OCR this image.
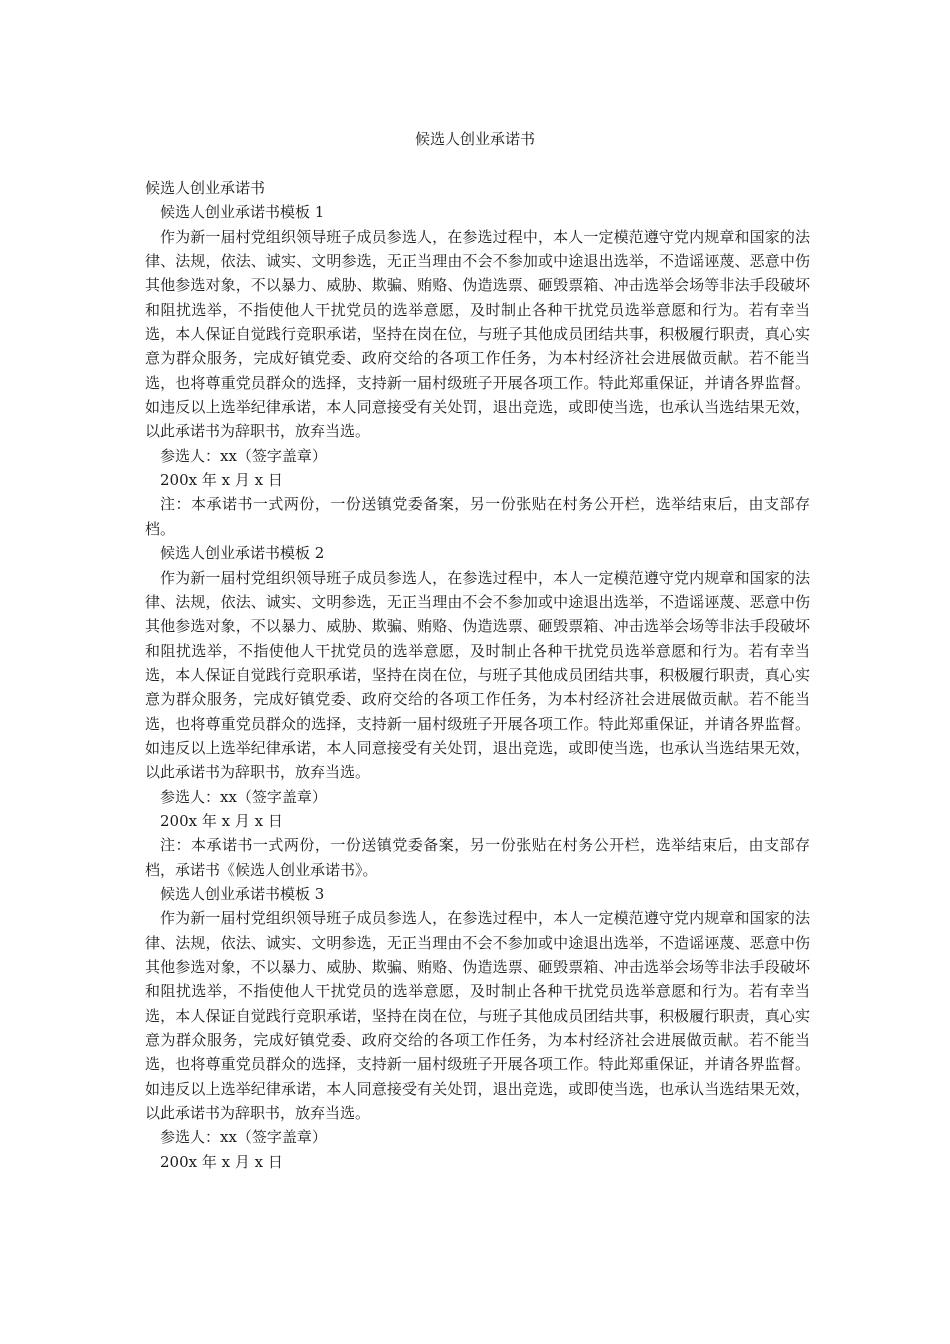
候选人创业承诺书

候选人创业承诺书

候选人创业承诺书模板 1

作为新一届村党组织领导班子成员参选人，在参选过程中，本人一定模范遵守党内规章和国家的法律、法规，依法、诚实、文明参选，无正当理由不会不参加或中途退出选举，不造谣诬蔑、恶意中伤其他参选对象，不以暴力、威胁、欺骗、贿赂、伪造选票、砸毁票箱、冲击选举会场等非法手段破坏和阻扰选举，不指使他人干扰党员的选举意愿，及时制止各种干扰党员选举意愿和行为。若有幸当选，本人保证自觉践行竞职承诺，坚持在岗在位，与班子其他成员团结共事，积极履行职责，真心实意为群众服务，完成好镇党委、政府交给的各项工作任务，为本村经济社会进展做贡献。若不能当选，也将尊重党员群众的选择，支持新一届村级班子开展各项工作。特此郑重保证，并请各界监督。如违反以上选举纪律承诺，本人同意接受有关处罚，退出竞选，或即使当选，也承认当选结果无效，以此承诺书为辞职书，放弃当选。

参选人：xx（签字盖章）

200x 年 x 月 x 日

注：本承诺书一式两份，一份送镇党委备案，另一份张贴在村务公开栏，选举结束后，由支部存档。

候选人创业承诺书模板 2

作为新一届村党组织领导班子成员参选人，在参选过程中，本人一定模范遵守党内规章和国家的法律、法规，依法、诚实、文明参选，无正当理由不会不参加或中途退出选举，不造谣诬蔑、恶意中伤其他参选对象，不以暴力、威胁、欺骗、贿赂、伪造选票、砸毁票箱、冲击选举会场等非法手段破坏和阻扰选举，不指使他人干扰党员的选举意愿，及时制止各种干扰党员选举意愿和行为。若有幸当选，本人保证自觉践行竞职承诺，坚持在岗在位，与班子其他成员团结共事，积极履行职责，真心实意为群众服务，完成好镇党委、政府交给的各项工作任务，为本村经济社会进展做贡献。若不能当选，也将尊重党员群众的选择，支持新一届村级班子开展各项工作。特此郑重保证，并请各界监督。如违反以上选举纪律承诺，本人同意接受有关处罚，退出竞选，或即使当选，也承认当选结果无效，以此承诺书为辞职书，放弃当选。

参选人：xx（签字盖章）

200x 年 x 月 x 日

注：本承诺书一式两份，一份送镇党委备案，另一份张贴在村务公开栏，选举结束后，由支部存档，承诺书《候选人创业承诺书》。

候选人创业承诺书模板 3

作为新一届村党组织领导班子成员参选人，在参选过程中，本人一定模范遵守党内规章和国家的法律、法规，依法、诚实、文明参选，无正当理由不会不参加或中途退出选举，不造谣诬蔑、恶意中伤其他参选对象，不以暴力、威胁、欺骗、贿赂、伪造选票、砸毁票箱、冲击选举会场等非法手段破坏和阻扰选举，不指使他人干扰党员的选举意愿，及时制止各种干扰党员选举意愿和行为。若有幸当选，本人保证自觉践行竞职承诺，坚持在岗在位，与班子其他成员团结共事，积极履行职责，真心实意为群众服务，完成好镇党委、政府交给的各项工作任务，为本村经济社会进展做贡献。若不能当选，也将尊重党员群众的选择，支持新一届村级班子开展各项工作。特此郑重保证，并请各界监督。如违反以上选举纪律承诺，本人同意接受有关处罚，退出竞选，或即使当选，也承认当选结果无效，以此承诺书为辞职书，放弃当选。

参选人：xx（签字盖章）

200x 年 x 月 x 日
